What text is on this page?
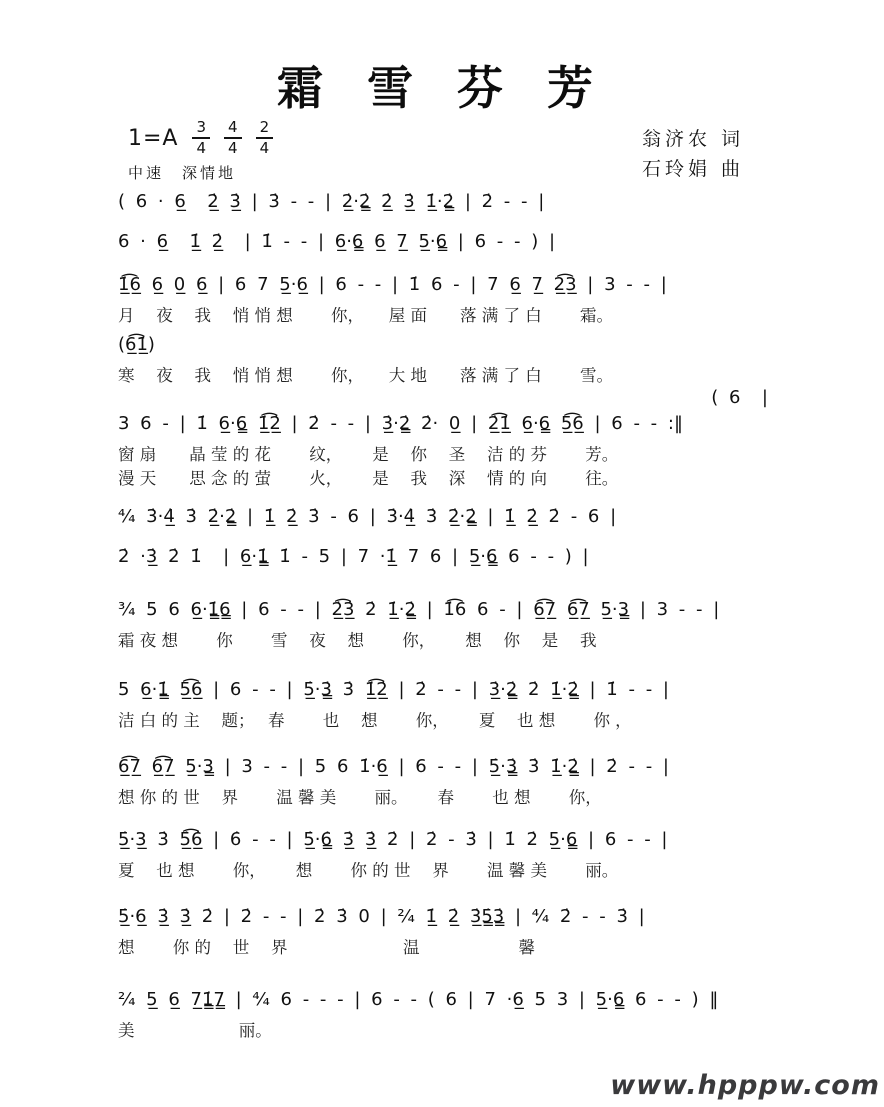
霜 雪 芬 芳
$1=A \frac{3}{4} \frac{4}{4} \frac{2}{4}$
中速 深情地
翁济农 词
石玲娟 曲
( 6 · 6̲  2̲̇ 3̲̇ | 3̇ - - | 2̲̇·2̳̇ 2̲̇ 3̲̇ 1̲̇·2̳̇ | 2̇ - - |
6 · 6̲  1̲̇ 2̲̇  | 1̇ - - | 6̲·6̳ 6̲ 7̲ 5̲·6̳ | 6 - - ) |
1̲̇͡6̲ 6̲ 0̲ 6̲ | 6 7 5̲·6̲ | 6 - - | 1̇ 6 - | 7 6̲ 7̲ 2̲͡3̲ | 3 - - |
月　 夜　 我　 悄 悄 想　　 你，　　屋 面　　落 满 了 白　　 霜。
(6̲͡1̲̇)
寒　 夜　 我　 悄 悄 想　　 你，　　大 地　　落 满 了 白　　 雪。
( 6  |
3 6 - | 1̇ 6̲·6̳ 1̲̇͡2̲̇ | 2̇ - - | 3̲̇·2̳̇ 2̇· 0̲ | 2̲̇͡1̲̇ 6̲·6̳ 5̲͡6̲ | 6 - - :‖
窗 扇　　晶 莹 的 花　　 纹，　　 是　 你　 圣　 洁 的 芬　　 芳。
漫 天　　思 念 的 萤　　 火，　　 是　 我　 深　 情 的 向　　 往。
⁴⁄₄ 3̇·4̲̇ 3̇ 2̲̇·2̳̇ | 1̲̇ 2̲̇ 3̇ - 6 | 3̇·4̲̇ 3̇ 2̲̇·2̳̇ | 1̲̇ 2̲̇ 2̇ - 6 |
2̇ ·3̲̇ 2̇ 1̇  | 6̲·1̳̇ 1̇ - 5 | 7 ·1̲̇ 7 6 | 5̲·6̳ 6 - - ) |
³⁄₄ 5 6 6̲·1̳̇6̳ | 6 - - | 2̲̇͡3̲̇ 2̇ 1̲̇·2̳̇ | 1̇͡6 6 - | 6̲͡7̲ 6̲͡7̲ 5̲·3̳ | 3 - - |
霜 夜 想　　 你　　 雪　 夜　 想　　 你，　　 想　 你　 是　 我
5 6̲·1̳̇ 5̲͡6̲ | 6 - - | 5̲̇·3̳̇ 3̇ 1̲̇͡2̲̇ | 2̇ - - | 3̲̇·2̳̇ 2̇ 1̲̇·2̳̇ | 1̇ - - |
洁 白 的 主　 题；　 春　　 也　 想　　 你，　　 夏　 也 想　　 你 ，
6̲͡7̲ 6̲͡7̲ 5̲·3̳ | 3 - - | 5 6 1̇·6̲ | 6 - - | 5̲̇·3̳̇ 3̇ 1̲̇·2̳̇ | 2̇ - - |
想 你 的 世　 界　　 温 馨 美　　 丽。　　 春　　 也 想　　 你，
5̲̇·3̲ 3̇ 5̲̇͡6̲̇ | 6̇ - - | 5̲̇·6̳̇ 3̲̇ 3̲̇ 2̇ | 2̇ - 3̇ | 1̇ 2̇ 5̲·6̳ | 6 - - |
夏　 也 想　　 你，　　 想　　 你 的 世　 界　　 温 馨 美　　 丽。
5̲̇·6̲ 3̲̇ 3̲̇ 2̇ | 2̇ - - | 2̇ 3̇ 0 | ²⁄₄ 1̲̇ 2̲̇ 3̲̇5̳̇3̳̇ | ⁴⁄₄ 2̇ - - 3̇ |
想　　 你 的　 世　 界　　　　　　　温　　　　　　馨
²⁄₄ 5̲ 6̲ 7̲1̳̇7̳ | ⁴⁄₄ 6 - - - | 6 - - ( 6 | 7 ·6̲ 5 3 | 5̲·6̳ 6 - - ) ‖
美　　　　　　 丽。
www.hpppw.com
